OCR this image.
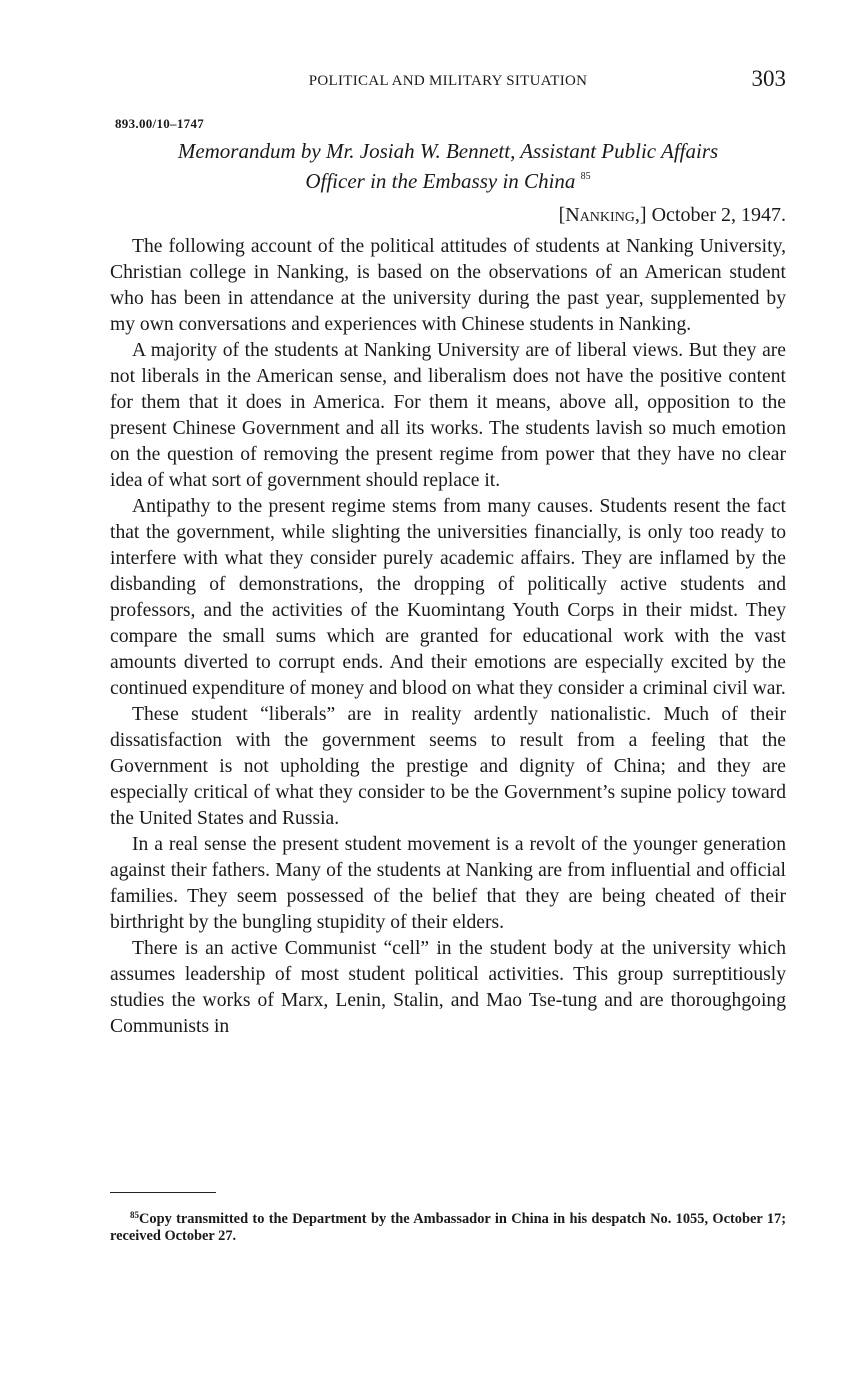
POLITICAL AND MILITARY SITUATION	303
893.00/10–1747
Memorandum by Mr. Josiah W. Bennett, Assistant Public Affairs
Officer in the Embassy in China $^{85}$
[Nanking,] October 2, 1947.

The following account of the political attitudes of students at Nanking University, Christian college in Nanking, is based on the observations of an American student who has been in attendance at the university during the past year, supplemented by my own conversations and experiences with Chinese students in Nanking.

A majority of the students at Nanking University are of liberal views. But they are not liberals in the American sense, and liberalism does not have the positive content for them that it does in America. For them it means, above all, opposition to the present Chinese Government and all its works. The students lavish so much emotion on the question of removing the present regime from power that they have no clear idea of what sort of government should replace it.

Antipathy to the present regime stems from many causes. Students resent the fact that the government, while slighting the universities financially, is only too ready to interfere with what they consider purely academic affairs. They are inflamed by the disbanding of demonstrations, the dropping of politically active students and professors, and the activities of the Kuomintang Youth Corps in their midst. They compare the small sums which are granted for educational work with the vast amounts diverted to corrupt ends. And their emotions are especially excited by the continued expenditure of money and blood on what they consider a criminal civil war.

These student “liberals” are in reality ardently nationalistic. Much of their dissatisfaction with the government seems to result from a feeling that the Government is not upholding the prestige and dignity of China; and they are especially critical of what they consider to be the Government’s supine policy toward the United States and Russia.

In a real sense the present student movement is a revolt of the younger generation against their fathers. Many of the students at Nanking are from influential and official families. They seem possessed of the belief that they are being cheated of their birthright by the bungling stupidity of their elders.

There is an active Communist “cell” in the student body at the university which assumes leadership of most student political activities. This group surreptitiously studies the works of Marx, Lenin, Stalin, and Mao Tse-tung and are thoroughgoing Communists in

$^{85}$Copy transmitted to the Department by the Ambassador in China in his despatch No. 1055, October 17; received October 27.
